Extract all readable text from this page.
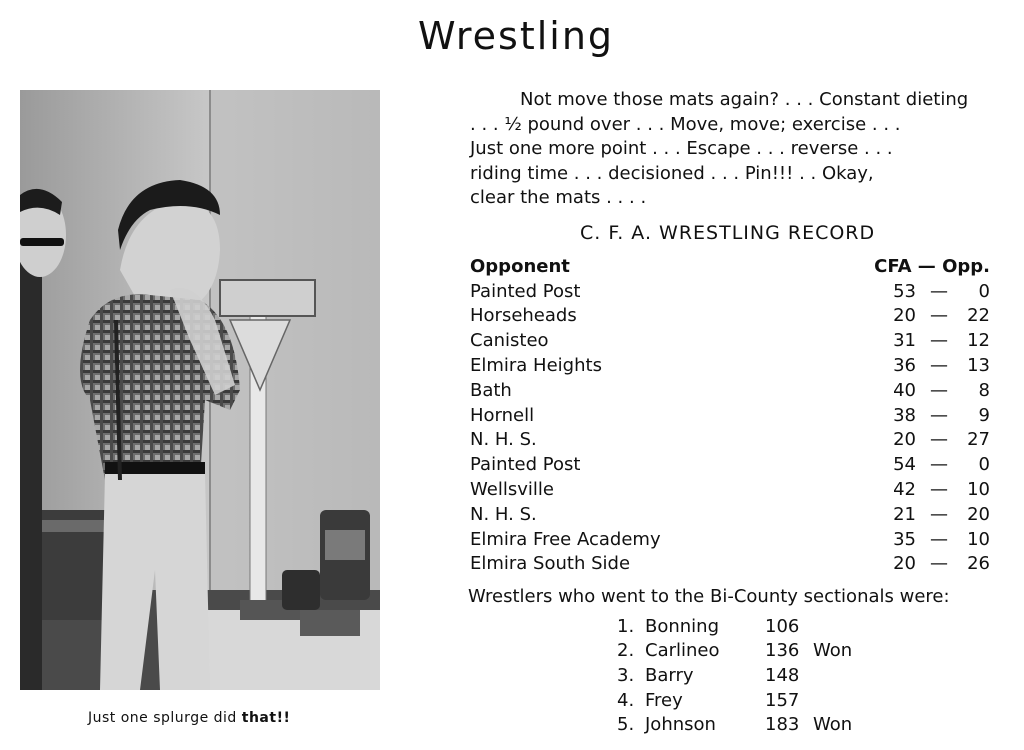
Wrestling
Just one splurge did that!!
Not move those mats again? . . . Constant dieting
. . . ½ pound over . . . Move, move; exercise . . .
Just one more point . . . Escape . . . reverse . . .
riding time . . . decisioned . . . Pin!!! . . Okay,
clear the mats . . . .
C. F. A. WRESTLING RECORD
Opponent	CFA — Opp.
Painted Post	53 —	0
Horseheads	20 —	22
Canisteo	31 —	12
Elmira Heights	36 —	13
Bath	40 —	8
Hornell	38 —	9
N. H. S.	20 —	27
Painted Post	54 —	0
Wellsville	42 —	10
N. H. S.	21 —	20
Elmira Free Academy	35 —	10
Elmira South Side	20 —	26
Wrestlers who went to the Bi-County sectionals were:
1. Bonning	106
2. Carlineo	136 Won
3. Barry	148
4. Frey	157
5. Johnson	183 Won
